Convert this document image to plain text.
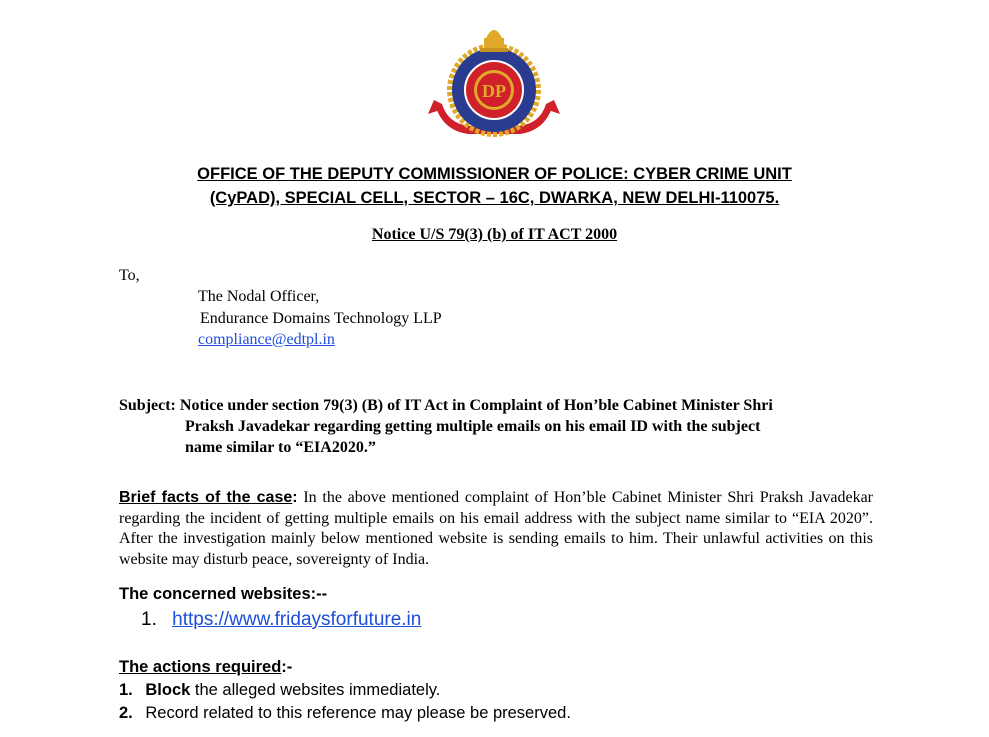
DP
OFFICE OF THE DEPUTY COMMISSIONER OF POLICE: CYBER CRIME UNIT
(CyPAD), SPECIAL CELL, SECTOR – 16C, DWARKA, NEW DELHI-110075.
Notice U/S 79(3) (b) of IT ACT 2000
To,
The Nodal Officer,
Endurance Domains Technology LLP
compliance@edtpl.in
Subject: Notice under section 79(3) (B) of IT Act in Complaint of Hon’ble Cabinet Minister Shri
Praksh Javadekar regarding getting multiple emails on his email ID with the subject
name similar to “EIA2020.”
Brief facts of the case: In the above mentioned complaint of Hon’ble Cabinet Minister Shri Praksh Javadekar regarding the incident of getting multiple emails on his email address with the subject name similar to “EIA 2020”. After the investigation mainly below mentioned website is sending emails to him. Their unlawful activities on this website may disturb peace, sovereignty of India.
The concerned websites:--
1. https://www.fridaysforfuture.in
The actions required:-
1. Block the alleged websites immediately.
2. Record related to this reference may please be preserved.
